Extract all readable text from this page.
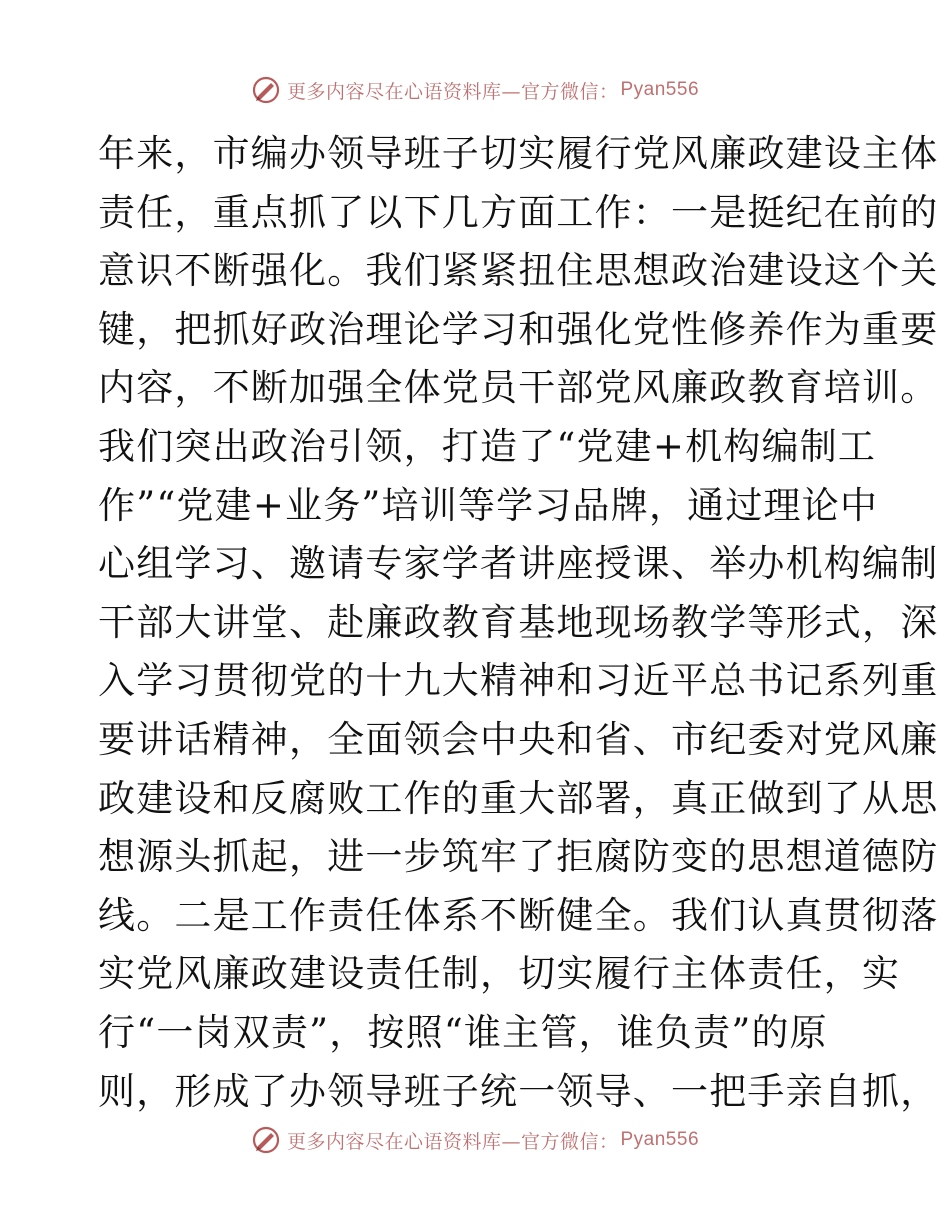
更多内容尽在心语资料库—官方微信： Pyan556
年来，市编办领导班子切实履行党风廉政建设主体
责任，重点抓了以下几方面工作：一是挺纪在前的
意识不断强化。我们紧紧扭住思想政治建设这个关
键，把抓好政治理论学习和强化党性修养作为重要
内容，不断加强全体党员干部党风廉政教育培训。
我们突出政治引领，打造了“党建+机构编制工
作”“党建+业务”培训等学习品牌，通过理论中
心组学习、邀请专家学者讲座授课、举办机构编制
干部大讲堂、赴廉政教育基地现场教学等形式，深
入学习贯彻党的十九大精神和习近平总书记系列重
要讲话精神，全面领会中央和省、市纪委对党风廉
政建设和反腐败工作的重大部署，真正做到了从思
想源头抓起，进一步筑牢了拒腐防变的思想道德防
线。二是工作责任体系不断健全。我们认真贯彻落
实党风廉政建设责任制，切实履行主体责任，实
行“一岗双责”，按照“谁主管，谁负责”的原
则，形成了办领导班子统一领导、一把手亲自抓，
更多内容尽在心语资料库—官方微信： Pyan556
